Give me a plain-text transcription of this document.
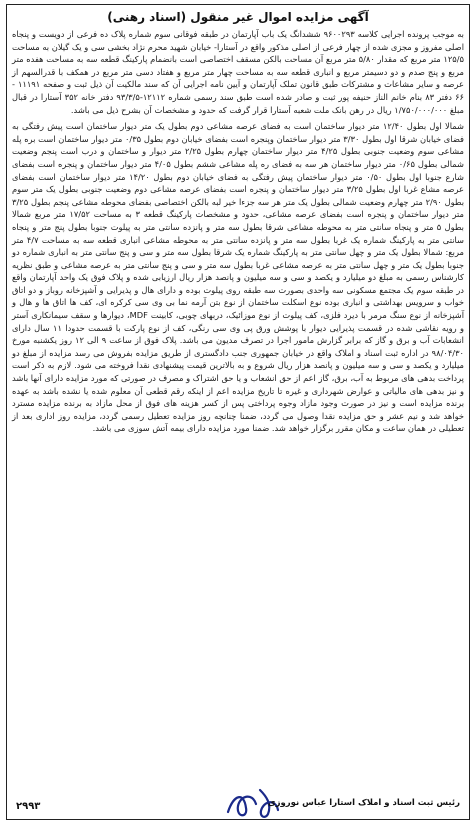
آگهی مزایده اموال غیر منقول (اسناد رهنی)

به موجب پرونده اجرایی کلاسه ۹۶۰۰۲۹۳ ششدانگ یک باب آپارتمان در طبقه فوقانی سوم شماره پلاک ده فرعی از دویست و پنجاه اصلی مفروز و مجزی شده از چهار فرعی از اصلی مذکور واقع در آستارا- خیابان شهید محرم نژاد بخشی سی و یک گیلان به مساحت ۱۲۵/۵ متر مربع که مقدار ۵/۸۰ متر مربع آن مساحت بالکن مسقف اختصاصی است بانضمام پارکینگ قطعه سه به مساحت هفده متر مربع و پنج صدم و دو دسیمتر مربع و انباری قطعه سه به مساحت چهار متر مربع و هفتاد دسی متر مربع در همکف با قدرالسهم از عرصه و سایر مشاعات و مشترکات طبق قانون تملک آپارتمان و آیین نامه اجرایی آن که سند مالکیت آن ذیل ثبت و صفحه ۱۱۱۹۱ - ۶۶ دفتر ۸۳ بنام خانم الناز حنیفه پور ثبت و صادر شده است طبق سند رسمی شماره ۱۲۱۱۲-۹۳/۳/۵ دفتر خانه ۳۵۲ آستارا در قبال مبلغ ۱/۷۵۰/۰۰۰/۰۰۰ ریال در رهن بانک ملت شعبه آستارا قرار گرفت که حدود و مشخصات آن بشرح ذیل می باشد.

شمالا اول بطول ۱۲/۴۰ متر دیوار ساختمان است به فضای عرصه مشاعی دوم بطول یک متر دیوار ساختمان است پیش رفتگی به فضای خیابان شرقا اول بطول ۳/۳۰ متر دیوار ساختمان وپنجره است بفضای خیابان دوم بطول ۰/۳۵ متر دیوار ساختمان است بره پله مشاعی سوم وضعیت جنوبی بطول ۴/۲۵ متر دیوار ساختمان چهارم بطول ۲/۲۵ متر دیوار و ساختمان و درب است پنجم وضعیت شمالی بطول ۰/۶۵ متر دیوار ساختمان هر سه به فضای ره پله مشاعی ششم بطول ۴/۰۵ متر دیوار ساختمان و پنجره است بفضای شارع جنوبا اول بطول ۰/۵۰ متر دیوار ساختمان پیش رفتگی به فضای خیابان دوم بطول ۱۴/۲۰ متر دیوار ساختمان است بفضای عرصه مشاع غربا اول بطول ۳/۲۵ متر دیوار ساختمان و پنجره است بفضای عرصه مشاعی دوم وضعیت جنوبی بطول یک متر سوم بطول ۲/۹۰ متر چهارم وضعیت شمالی بطول یک متر هر سه جزءا خیر لبه بالکن اختصاصی بفضای محوطه مشاعی پنجم بطول ۳/۲۵ متر دیوار ساختمان و پنجره است بفضای عرصه مشاعی، حدود و مشخصات پارکینگ قطعه ۳ به مساحت ۱۷/۵۲ متر مربع شمالا بطول ۵ متر و پنجاه سانتی متر به محوطه مشاعی شرقا بطول سه متر و پانزده سانتی متر به پیلوت جنوبا بطول پنج متر و پنجاه سانتی متر به پارکینگ شماره یک غربا بطول سه متر و پانزده سانتی متر به محوطه مشاعی انباری قطعه سه به مساحت ۴/۷ متر مربع: شمالا بطول یک متر و چهل سانتی متر به پارکینگ شماره یک شرقا بطول سه متر و سی و پنج سانتی متر به انباری شماره دو جنوبا بطول یک متر و چهل سانتی متر به عرصه مشاعی غربا بطول سه متر و سی و پنج سانتی متر به عرصه مشاعی و طبق نظریه کارشناس رسمی به مبلغ دو میلیارد و یکصد و سی و سه میلیون و پانصد هزار ریال ارزیابی شده و پلاک فوق یک واحد آپارتمان واقع در طبقه سوم یک مجتمع مسکونی سه واحدی بصورت سه طبقه روی پیلوت بوده و دارای هال و پذیرایی و آشپزخانه روباز و دو اتاق خواب و سرویس بهداشتی و انباری بوده نوع اسکلت ساختمان از نوع بتن آرمه نما بی وی سی کرکره ای، کف ها اتاق ها و هال و آشپزخانه از نوع سنگ مرمر با دیرد فلزی، کف پیلوت از نوع موزائیک، دربهای چوبی، کابینت MDF، دیوارها و سقف سیمانکاری آستر و رویه نقاشی شده در قسمت پذیرایی دیوار با پوشش ورق پی وی سی رنگی، کف از نوع پارکت با قسمت حدودا ۱۱ سال دارای انشعابات آب و برق و گاز که برابر گزارش مامور اجرا در تصرف مدیون می باشد. پلاک فوق از ساعت ۹ الی ۱۲ روز یکشنبه مورخ ۹۸/۰۴/۳۰ در اداره ثبت اسناد و املاک واقع در خیابان جمهوری جنب دادگستری از طریق مزایده بفروش می رسد مزایده از مبلغ دو میلیارد و یکصد و سی و سه میلیون و پانصد هزار ریال شروع و به بالاترین قیمت پیشنهادی نقدا فروخته می شود. لازم به ذکر است پرداخت بدهی های مربوط به آب، برق، گاز اعم از حق انشعاب و یا حق اشتراک و مصرف در صورتی که مورد مزایده دارای آنها باشد و نیز بدهی های مالیاتی و عوارض شهرداری و غیره تا تاریخ مزایده اعم از اینکه رقم قطعی آن معلوم شده یا نشده باشد به عهده برنده مزایده است و نیز در صورت وجود مازاد وجوه پرداختی پس از کسر هزینه های فوق از محل مازاد به برنده مزایده مسترد خواهد شد و نیم عشر و حق مزایده نقدا وصول می گردد، ضمنا چنانچه روز مزایده تعطیل رسمی گردد، مزایده روز اداری بعد از تعطیلی در همان ساعت و مکان مقرر برگزار خواهد شد. ضمنا مورد مزایده دارای بیمه آتش سوزی می باشد.

رئیس ثبت اسناد و املاک استارا عباس نوروزی
۲۹۹۳
